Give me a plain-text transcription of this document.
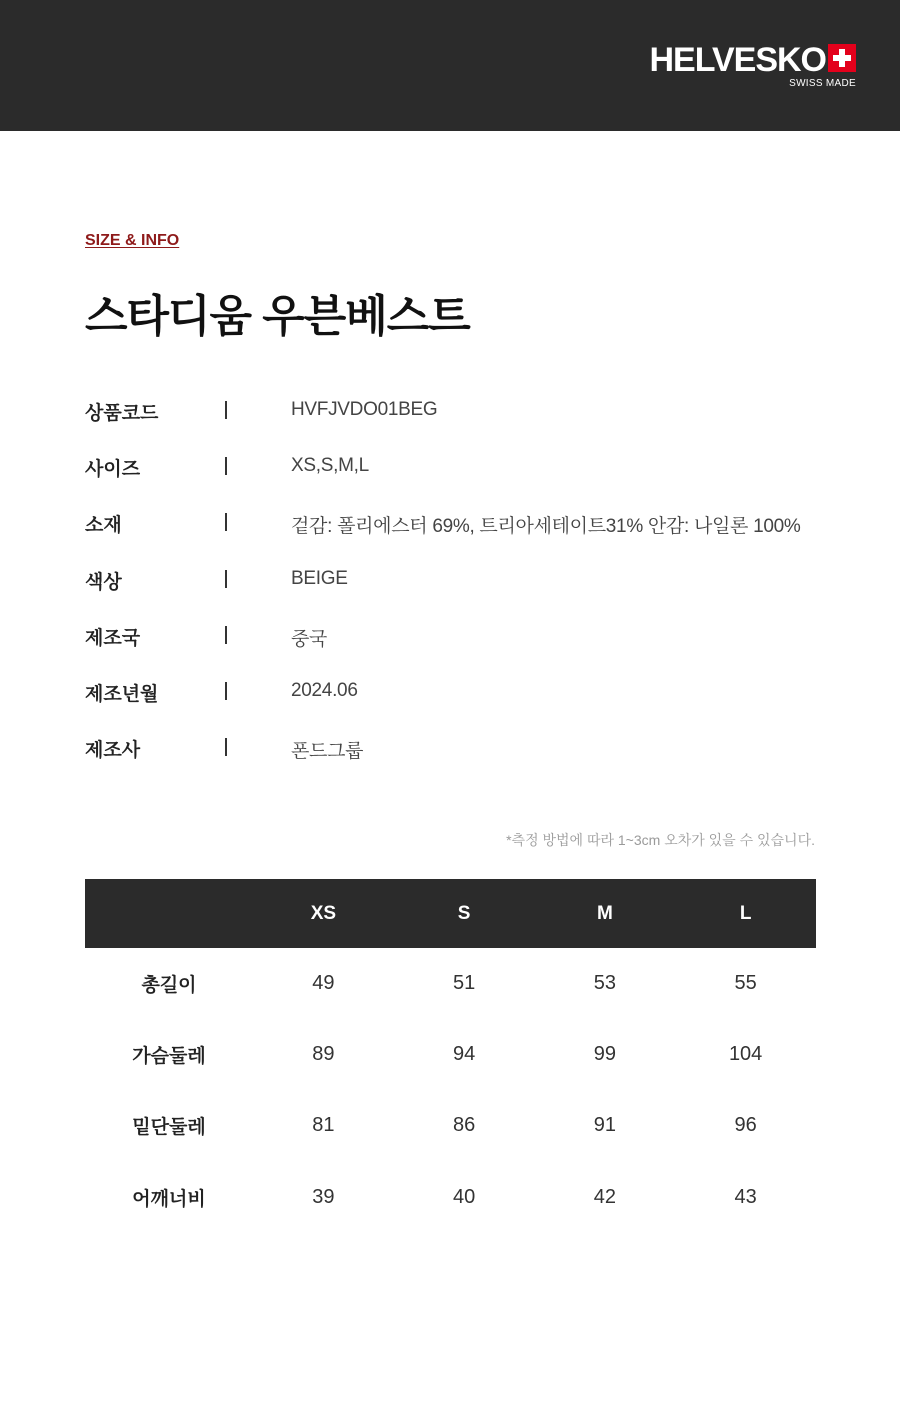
HELVESKO
SWISS MADE
SIZE & INFO
스타디움 우븐베스트
상품코드	HVFJVDO01BEG
사이즈	XS,S,M,L
소재	겉감: 폴리에스터 69%, 트리아세테이트31% 안감: 나일론 100%
색상	BEIGE
제조국	중국
제조년월	2024.06
제조사	폰드그룹
*측정 방법에 따라 1~3cm 오차가 있을 수 있습니다.
	XS	S	M	L
총길이	49	51	53	55
가슴둘레	89	94	99	104
밑단둘레	81	86	91	96
어깨너비	39	40	42	43
